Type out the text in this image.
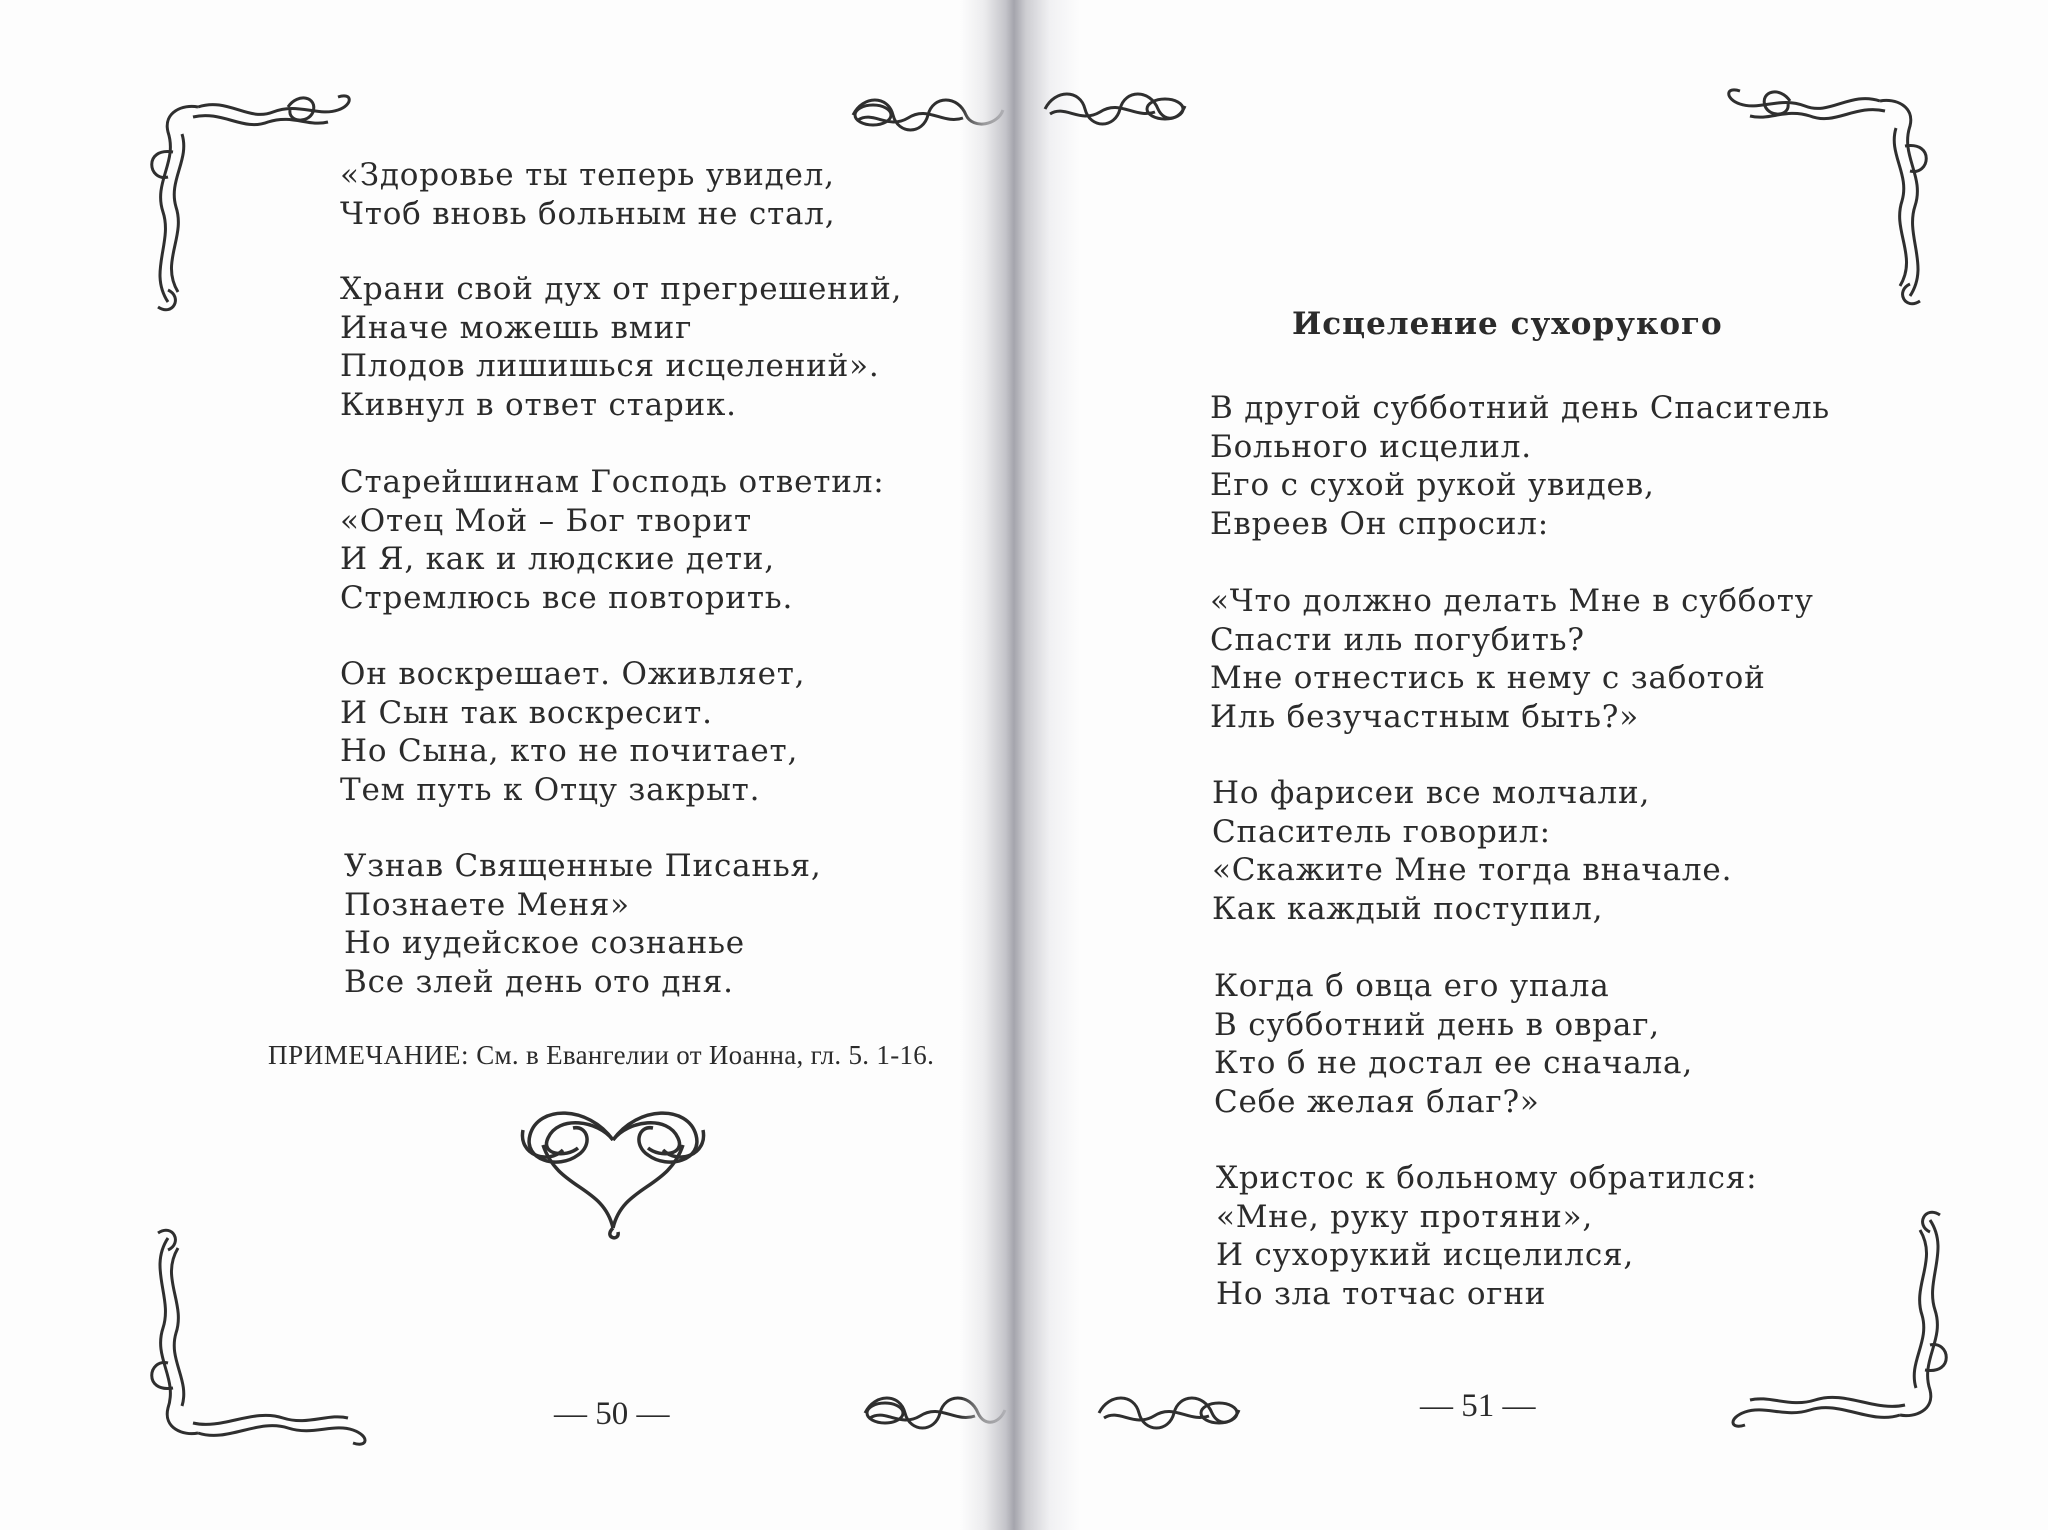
«Здоровье ты теперь увидел,
Чтоб вновь больным не стал,
Храни свой дух от прегрешений,
Иначе можешь вмиг
Плодов лишишься исцелений».
Кивнул в ответ старик.
Старейшинам Господь ответил:
«Отец Мой – Бог творит
И Я, как и людские дети,
Стремлюсь все повторить.
Он воскрешает. Оживляет,
И Сын так воскресит.
Но Сына, кто не почитает,
Тем путь к Отцу закрыт.
Узнав Священные Писанья,
Познаете Меня»
Но иудейское сознанье
Все злей день ото дня.
ПРИМЕЧАНИЕ: См. в Евангелии от Иоанна, гл. 5. 1-16.
— 50 —
Исцеление сухорукого
В другой субботний день Спаситель
Больного исцелил.
Его с сухой рукой увидев,
Евреев Он спросил:
«Что должно делать Мне в субботу
Спасти иль погубить?
Мне отнестись к нему с заботой
Иль безучастным быть?»
Но фарисеи все молчали,
Спаситель говорил:
«Скажите Мне тогда вначале.
Как каждый поступил,
Когда б овца его упала
В субботний день в овраг,
Кто б не достал ее сначала,
Себе желая благ?»
Христос к больному обратился:
«Мне, руку протяни»,
И сухорукий исцелился,
Но зла тотчас огни
— 51 —
